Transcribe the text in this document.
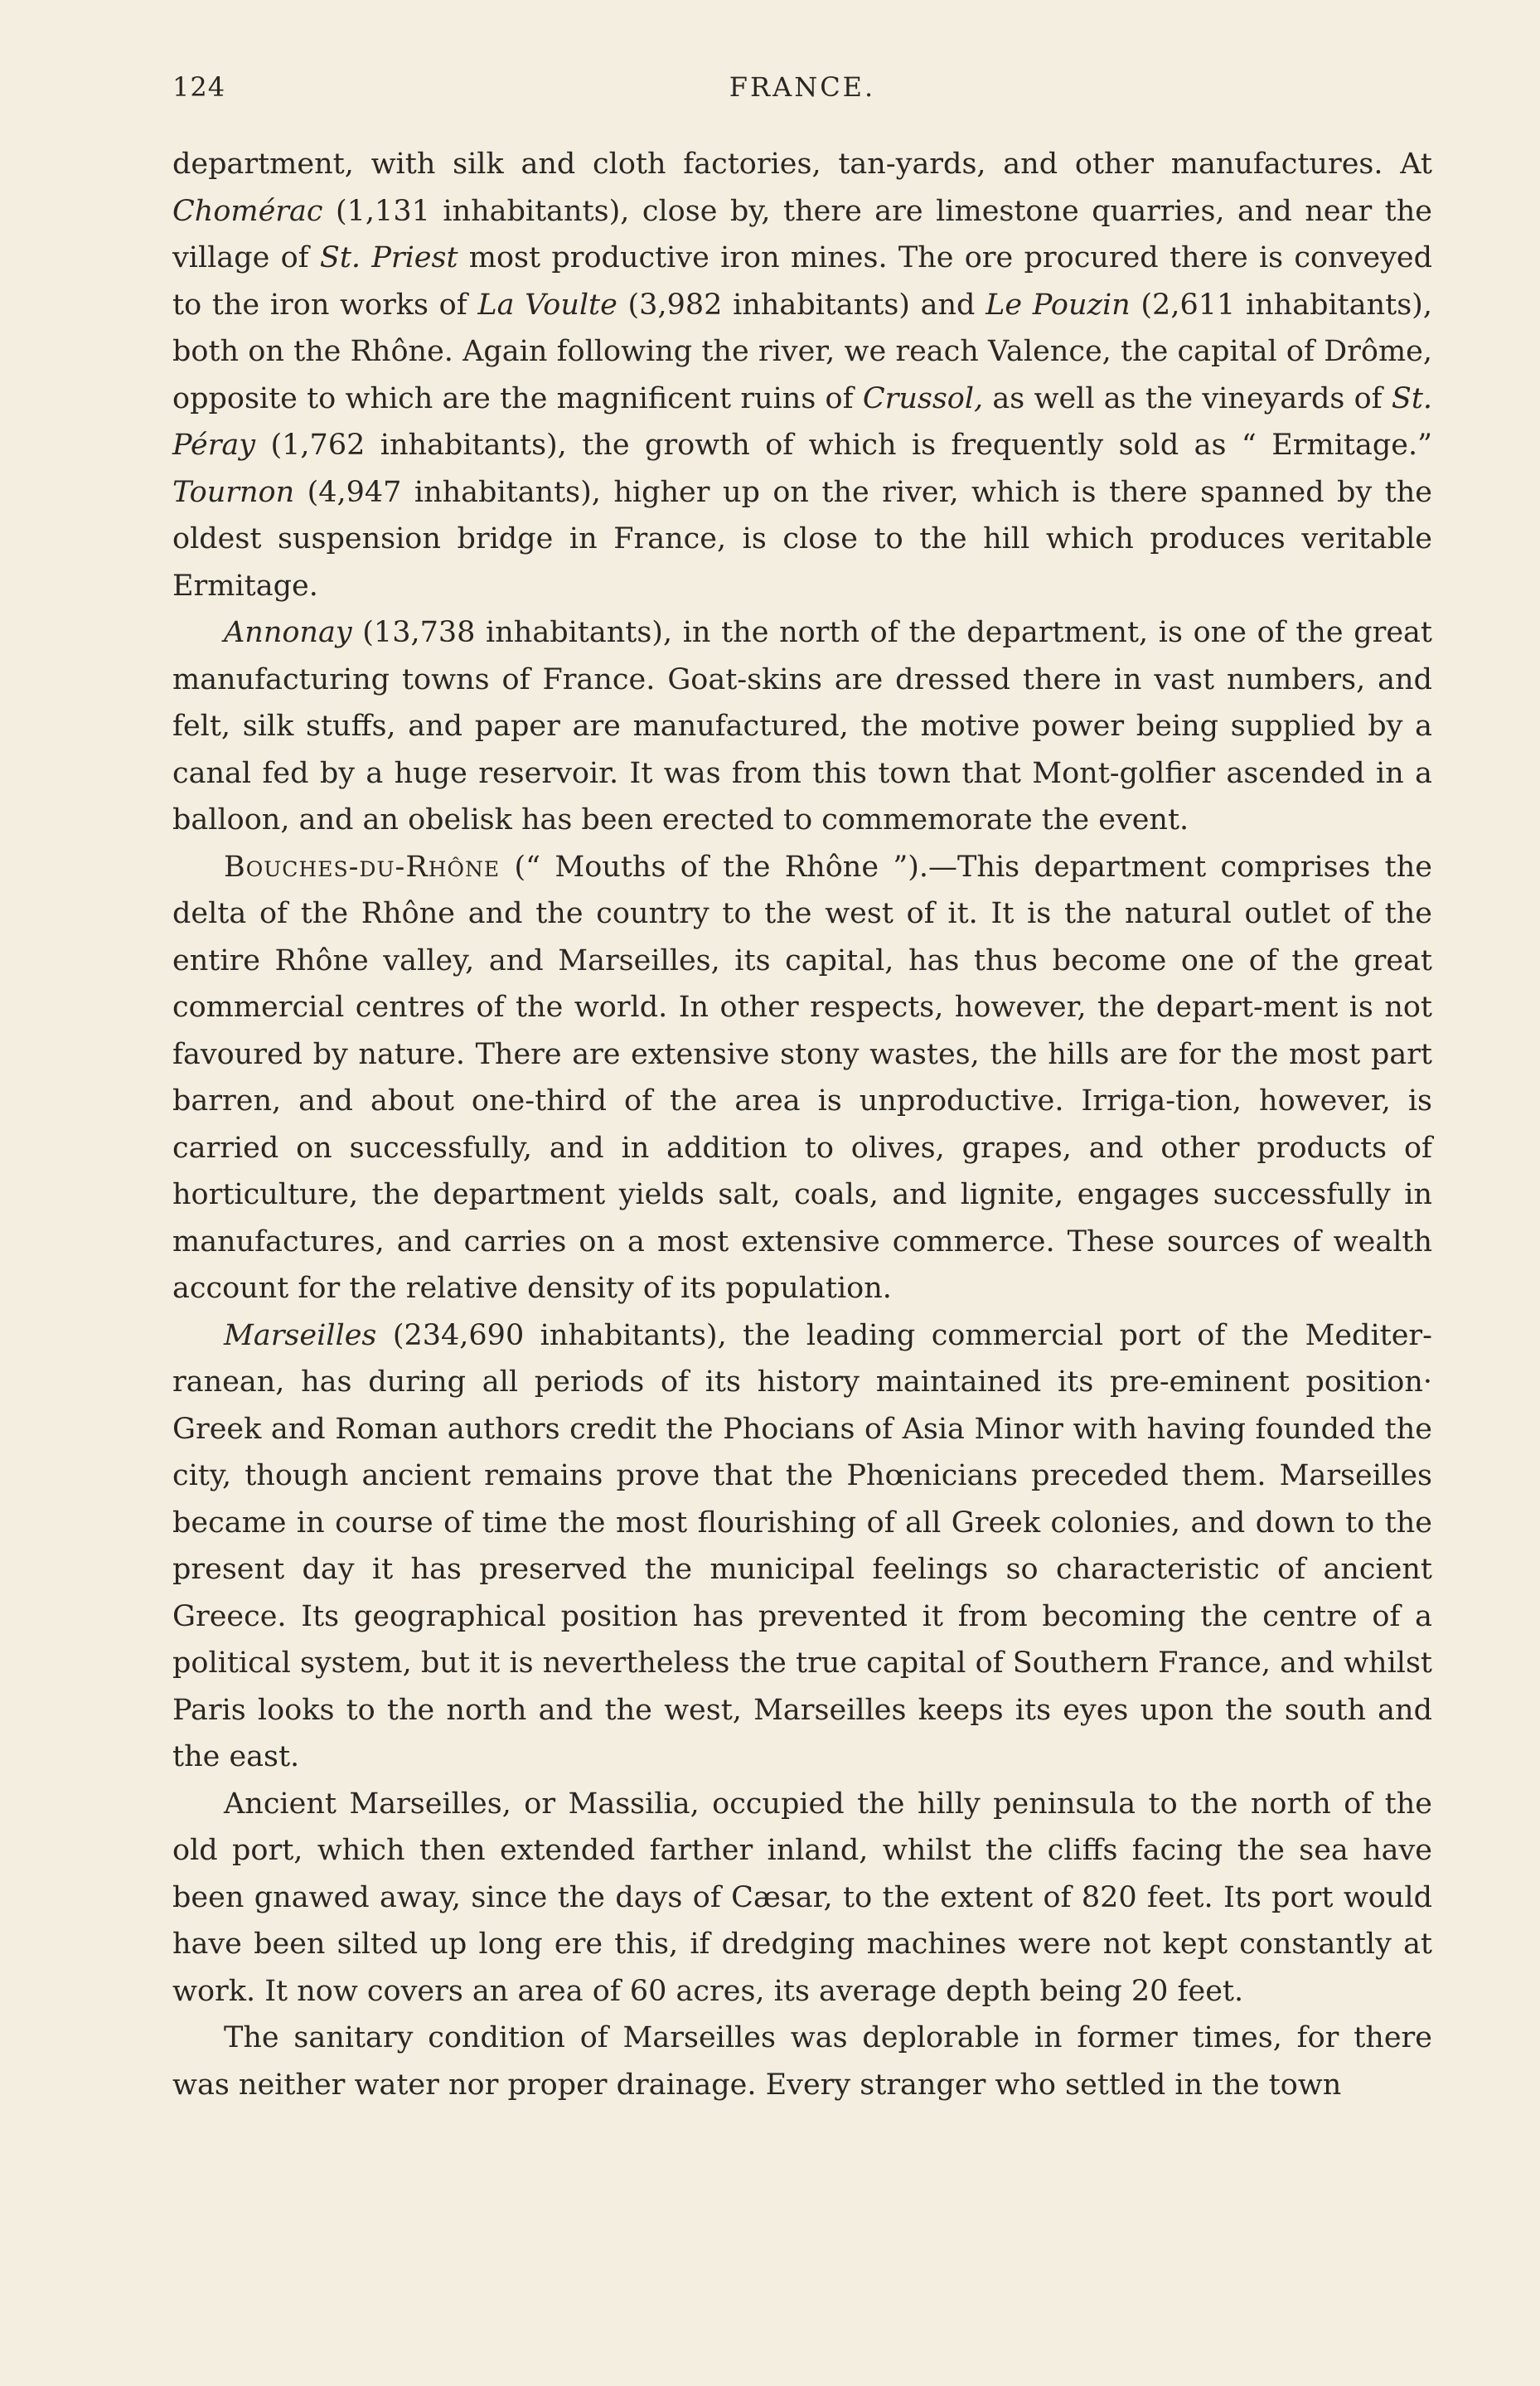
124	FRANCE.

department, with silk and cloth factories, tan-yards, and other manufactures. At Chomérac (1,131 inhabitants), close by, there are limestone quarries, and near the village of St. Priest most productive iron mines. The ore procured there is conveyed to the iron works of La Voulte (3,982 inhabitants) and Le Pouzin (2,611 inhabitants), both on the Rhône. Again following the river, we reach Valence, the capital of Drôme, opposite to which are the magnificent ruins of Crussol, as well as the vineyards of St. Péray (1,762 inhabitants), the growth of which is frequently sold as “ Ermitage.” Tournon (4,947 inhabitants), higher up on the river, which is there spanned by the oldest suspension bridge in France, is close to the hill which produces veritable Ermitage.

Annonay (13,738 inhabitants), in the north of the department, is one of the great manufacturing towns of France. Goat-skins are dressed there in vast numbers, and felt, silk stuffs, and paper are manufactured, the motive power being supplied by a canal fed by a huge reservoir. It was from this town that Mont-golfier ascended in a balloon, and an obelisk has been erected to commemorate the event.

Bouches-du-Rhône (“ Mouths of the Rhône ”).—This department comprises the delta of the Rhône and the country to the west of it. It is the natural outlet of the entire Rhône valley, and Marseilles, its capital, has thus become one of the great commercial centres of the world. In other respects, however, the depart-ment is not favoured by nature. There are extensive stony wastes, the hills are for the most part barren, and about one-third of the area is unproductive. Irriga-tion, however, is carried on successfully, and in addition to olives, grapes, and other products of horticulture, the department yields salt, coals, and lignite, engages successfully in manufactures, and carries on a most extensive commerce. These sources of wealth account for the relative density of its population.

Marseilles (234,690 inhabitants), the leading commercial port of the Mediter-ranean, has during all periods of its history maintained its pre-eminent position· Greek and Roman authors credit the Phocians of Asia Minor with having founded the city, though ancient remains prove that the Phœnicians preceded them. Marseilles became in course of time the most flourishing of all Greek colonies, and down to the present day it has preserved the municipal feelings so characteristic of ancient Greece. Its geographical position has prevented it from becoming the centre of a political system, but it is nevertheless the true capital of Southern France, and whilst Paris looks to the north and the west, Marseilles keeps its eyes upon the south and the east.

Ancient Marseilles, or Massilia, occupied the hilly peninsula to the north of the old port, which then extended farther inland, whilst the cliffs facing the sea have been gnawed away, since the days of Cæsar, to the extent of 820 feet. Its port would have been silted up long ere this, if dredging machines were not kept constantly at work. It now covers an area of 60 acres, its average depth being 20 feet.

The sanitary condition of Marseilles was deplorable in former times, for there was neither water nor proper drainage. Every stranger who settled in the town
